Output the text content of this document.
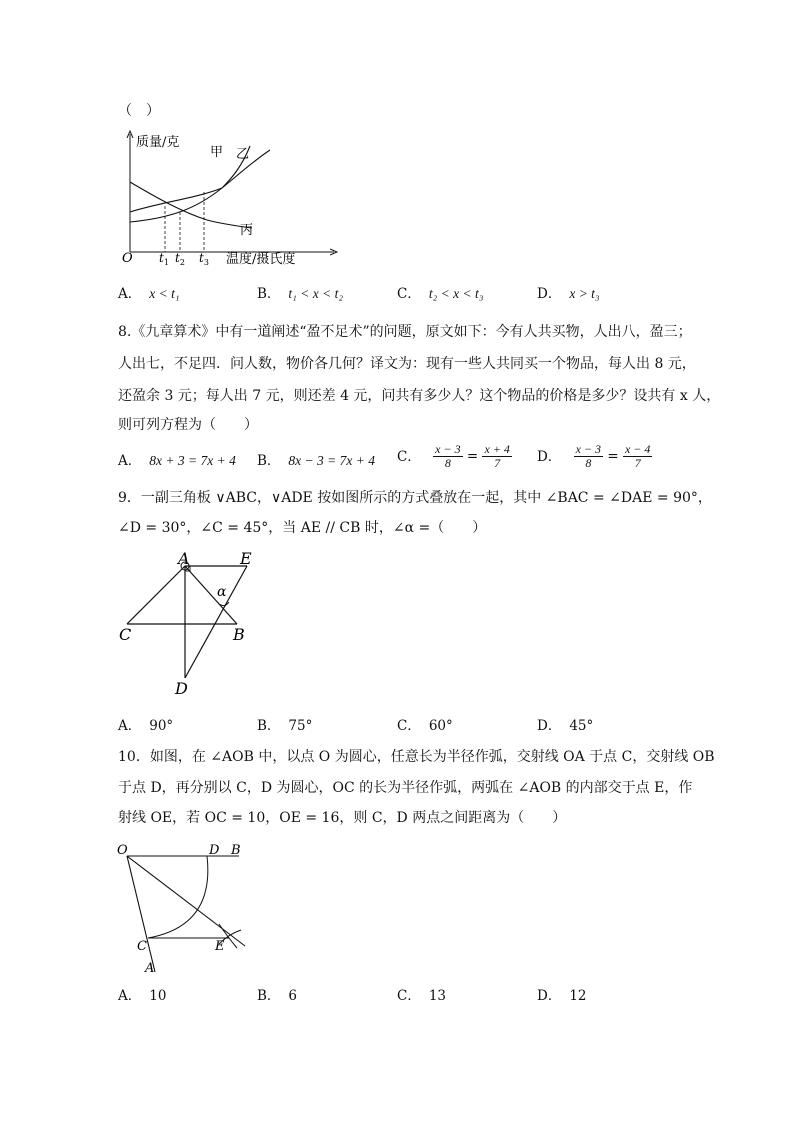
（　）
质量/克
甲 乙
丙
O $t_1$ $t_2$ $t_3$ 温度/摄氏度
A． x < t₁	B． t₁ < x < t₂	C． t₂ < x < t₃	D． x > t₃
8.《九章算术》中有一道阐述“盈不足术”的问题，原文如下：今有人共买物，人出八，盈三；
人出七，不足四．问人数，物价各几何？译文为：现有一些人共同买一个物品，每人出 8 元，
还盈余 3 元；每人出 7 元，则还差 4 元，问共有多少人？这个物品的价格是多少？设共有 x 人，
则可列方程为（　　）
A． 8x + 3 = 7x + 4 B． 8x − 3 = 7x + 4 C． $\frac{x - 3}{8} = \frac{x + 4}{7}$ D． $\frac{x - 3}{8} = \frac{x - 4}{7}$
9．一副三角板 ∨ABC，∨ADE 按如图所示的方式叠放在一起，其中 ∠BAC = ∠DAE = 90°，
∠D = 30°，∠C = 45°，当 AE // CB 时，∠α =（　　）
A	E
C	B
D
α
A． 90°	B． 75°	C． 60°	D． 45°
10．如图，在 ∠AOB 中，以点 O 为圆心，任意长为半径作弧，交射线 OA 于点 C，交射线 OB
于点 D，再分别以 C，D 为圆心，OC 的长为半径作弧，两弧在 ∠AOB 的内部交于点 E，作
射线 OE，若 OC = 10，OE = 16，则 C，D 两点之间距离为（　　）
O	D B
C	E
A
A． 10	B． 6	C． 13	D． 12
